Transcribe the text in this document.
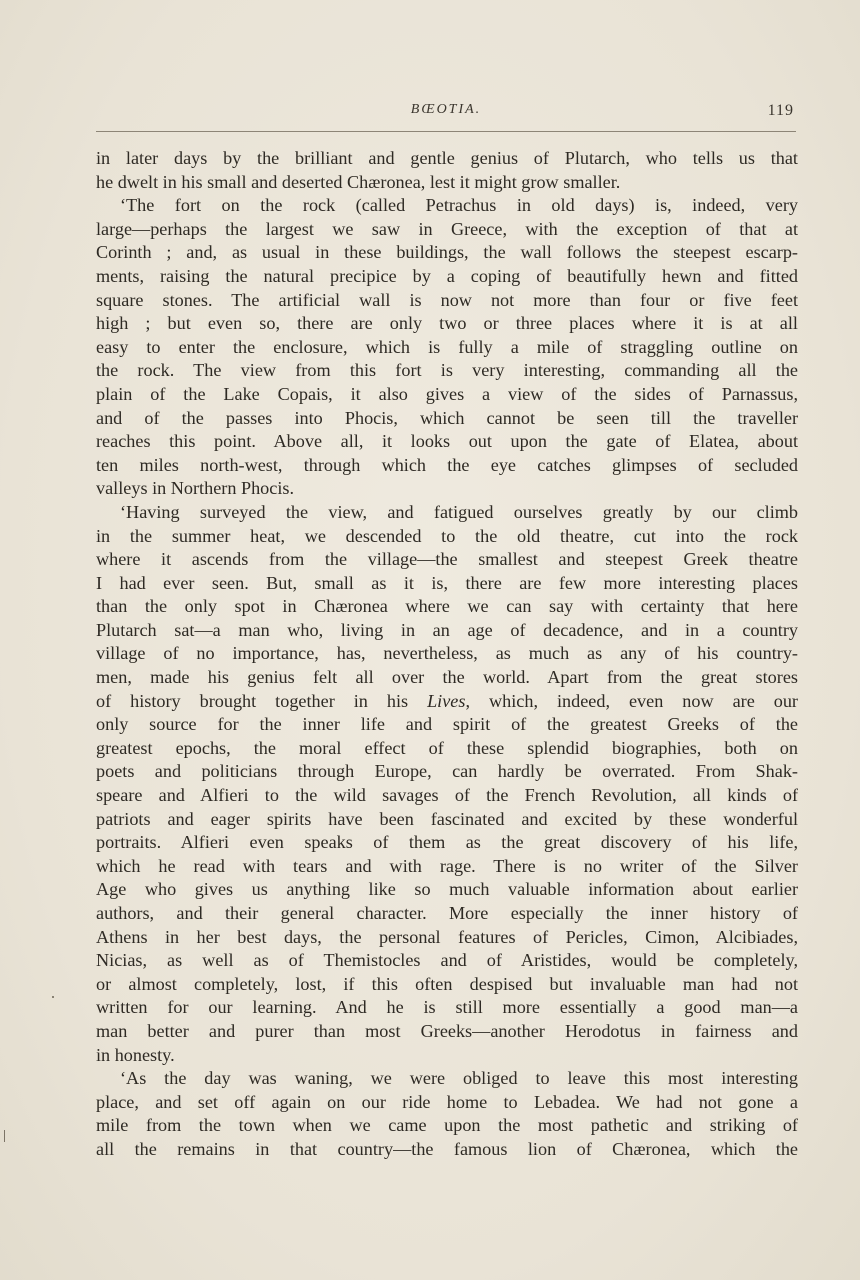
BŒOTIA.	119
in later days by the brilliant and gentle genius of Plutarch, who tells us that
he dwelt in his small and deserted Chæronea, lest it might grow smaller.
‘The fort on the rock (called Petrachus in old days) is, indeed, very
large—perhaps the largest we saw in Greece, with the exception of that at
Corinth ; and, as usual in these buildings, the wall follows the steepest escarp-
ments, raising the natural precipice by a coping of beautifully hewn and fitted
square stones. The artificial wall is now not more than four or five feet
high ; but even so, there are only two or three places where it is at all
easy to enter the enclosure, which is fully a mile of straggling outline on
the rock. The view from this fort is very interesting, commanding all the
plain of the Lake Copais, it also gives a view of the sides of Parnassus,
and of the passes into Phocis, which cannot be seen till the traveller
reaches this point. Above all, it looks out upon the gate of Elatea, about
ten miles north-west, through which the eye catches glimpses of secluded
valleys in Northern Phocis.
‘Having surveyed the view, and fatigued ourselves greatly by our climb
in the summer heat, we descended to the old theatre, cut into the rock
where it ascends from the village—the smallest and steepest Greek theatre
I had ever seen. But, small as it is, there are few more interesting places
than the only spot in Chæronea where we can say with certainty that here
Plutarch sat—a man who, living in an age of decadence, and in a country
village of no importance, has, nevertheless, as much as any of his country-
men, made his genius felt all over the world. Apart from the great stores
of history brought together in his Lives, which, indeed, even now are our
only source for the inner life and spirit of the greatest Greeks of the
greatest epochs, the moral effect of these splendid biographies, both on
poets and politicians through Europe, can hardly be overrated. From Shak-
speare and Alfieri to the wild savages of the French Revolution, all kinds of
patriots and eager spirits have been fascinated and excited by these wonderful
portraits. Alfieri even speaks of them as the great discovery of his life,
which he read with tears and with rage. There is no writer of the Silver
Age who gives us anything like so much valuable information about earlier
authors, and their general character. More especially the inner history of
Athens in her best days, the personal features of Pericles, Cimon, Alcibiades,
Nicias, as well as of Themistocles and of Aristides, would be completely,
or almost completely, lost, if this often despised but invaluable man had not
written for our learning. And he is still more essentially a good man—a
man better and purer than most Greeks—another Herodotus in fairness and
in honesty.
‘As the day was waning, we were obliged to leave this most interesting
place, and set off again on our ride home to Lebadea. We had not gone a
mile from the town when we came upon the most pathetic and striking of
all the remains in that country—the famous lion of Chæronea, which the
